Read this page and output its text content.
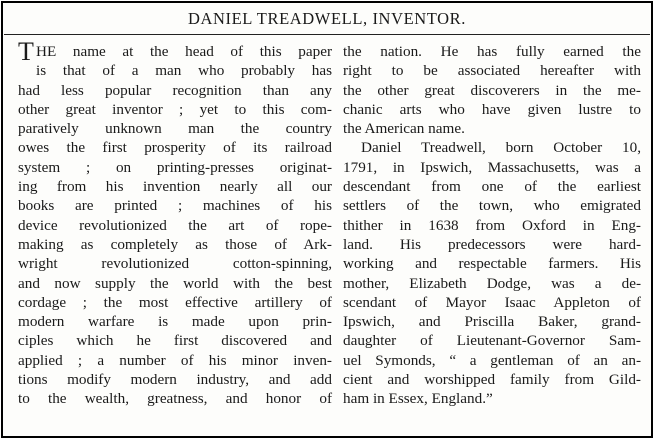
DANIEL TREADWELL, INVENTOR.
T HE name at the head of this paper
is that of a man who probably has
had less popular recognition than any
other great inventor ; yet to this com-
paratively unknown man the country
owes the first prosperity of its railroad
system ; on printing-presses originat-
ing from his invention nearly all our
books are printed ; machines of his
device revolutionized the art of rope-
making as completely as those of Ark-
wright revolutionized cotton-spinning,
and now supply the world with the best
cordage ; the most effective artillery of
modern warfare is made upon prin-
ciples which he first discovered and
applied ; a number of his minor inven-
tions modify modern industry, and add
to the wealth, greatness, and honor of
the nation. He has fully earned the
right to be associated hereafter with
the other great discoverers in the me-
chanic arts who have given lustre to
the American name.
Daniel Treadwell, born October 10,
1791, in Ipswich, Massachusetts, was a
descendant from one of the earliest
settlers of the town, who emigrated
thither in 1638 from Oxford in Eng-
land. His predecessors were hard-
working and respectable farmers. His
mother, Elizabeth Dodge, was a de-
scendant of Mayor Isaac Appleton of
Ipswich, and Priscilla Baker, grand-
daughter of Lieutenant-Governor Sam-
uel Symonds, “ a gentleman of an an-
cient and worshipped family from Gild-
ham in Essex, England.”
